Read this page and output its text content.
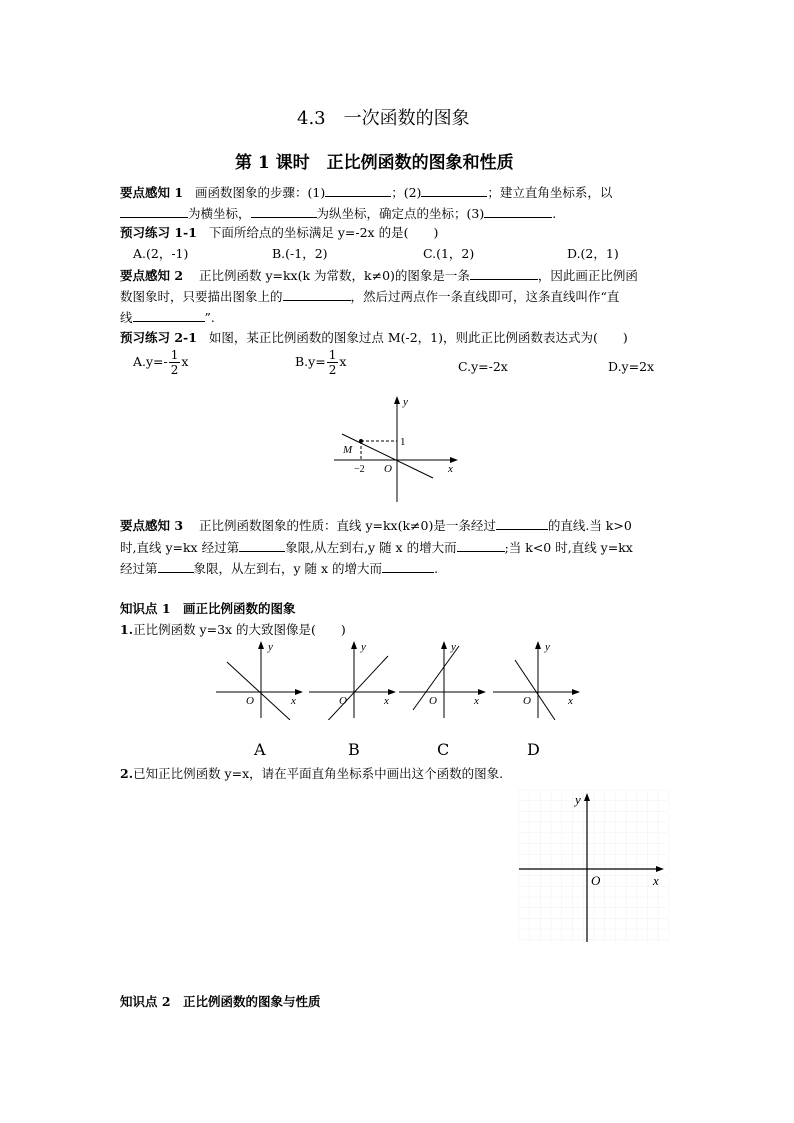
4.3　一次函数的图象
第 1 课时　正比例函数的图象和性质
要点感知 1 画函数图象的步骤：(1)	；(2)	；建立直角坐标系，以
为横坐标，	为纵坐标，确定点的坐标；(3)	.
预习练习 1-1 下面所给点的坐标满足 y=-2x 的是(　　)
A.(2，-1)	B.(-1，2)	C.(1，2)	D.(2，1)
要点感知 2 正比例函数 y=kx(k 为常数，k≠0)的图象是一条	，因此画正比例函
数图象时，只要描出图象上的	，然后过两点作一条直线即可，这条直线叫作“直
线	”.
预习练习 2-1 如图，某正比例函数的图象过点 M(-2，1)，则此正比例函数表达式为(　　)
$A.y=- \frac{1}{2}$ x	$B.y= \frac{1}{2}$ x	C.y=-2x	D.y=2x
y
x
O
M
1
−2
要点感知 3 正比例函数图象的性质：直线 y=kx(k≠0)是一条经过	的直线.当 k>0
时,直线 y=kx 经过第	象限,从左到右,y 随 x 的增大而	;当 k<0 时,直线 y=kx
经过第	象限，从左到右，y 随 x 的增大而	.
知识点 1　画正比例函数的图象
1.正比例函数 y=3x 的大致图像是(　　)
y
x
O
y
x
O
y
x
O
y
x
O
A	B	C	D
2.已知正比例函数 y=x，请在平面直角坐标系中画出这个函数的图象.
y
x
O
知识点 2　正比例函数的图象与性质
